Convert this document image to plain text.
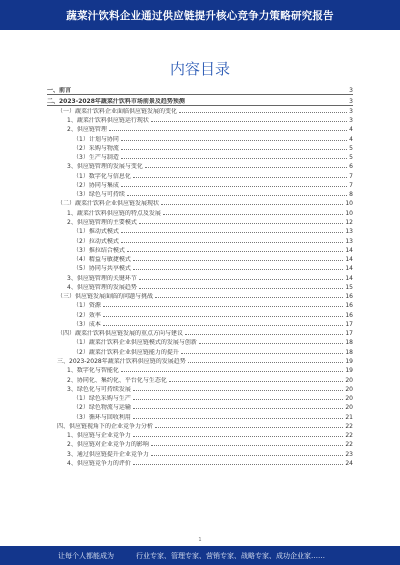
蔬菜汁饮料企业通过供应链提升核心竞争力策略研究报告
内容目录
一、前言	3
二、2023-2028年蔬菜汁饮料市场前景及趋势预测	3
（一）蔬菜汁饮料企业面临供应链发展的变化	3
1、蔬菜汁饮料供应链运行现状	3
2、供应链管理	4
（1）计划与协同	4
（2）采购与物流	5
（3）生产与制造	5
3、供应链管理的发展与变化	6
（1）数字化与信息化	7
（2）协同与集成	7
（3）绿色与可持续	8
（二）蔬菜汁饮料企业供应链发展现状	10
1、蔬菜汁饮料供应链的特点及发展	10
2、供应链管理的主要模式	12
（1）推动式模式	13
（2）拉动式模式	13
（3）推拉结合模式	14
（4）精益与敏捷模式	14
（5）协同与共享模式	14
3、供应链管理的关键环节	14
4、供应链管理的发展趋势	15
（三）供应链发展面临的问题与挑战	16
（1）资源	16
（2）效率	16
（3）成本	17
（四）蔬菜汁饮料供应链发展的重点方向与建议	17
（1）蔬菜汁饮料企业供应链模式的发展与创新	18
（2）蔬菜汁饮料企业供应链能力的提升	18
三、2023-2028年蔬菜汁饮料供应链的发展趋势	19
1、数字化与智能化	19
2、协同化、集约化、平台化与生态化	20
3、绿色化与可持续发展	20
（1）绿色采购与生产	20
（2）绿色物流与运输	20
（3）循环与回收利用	21
四、供应链视角下的企业竞争力分析	22
1、供应链与企业竞争力	22
2、供应链对企业竞争力的影响	22
3、通过供应链提升企业竞争力	23
4、供应链竞争力的评价	24
1
让每个人都能成为	行业专家、管理专家、营销专家、战略专家、成功企业家……
